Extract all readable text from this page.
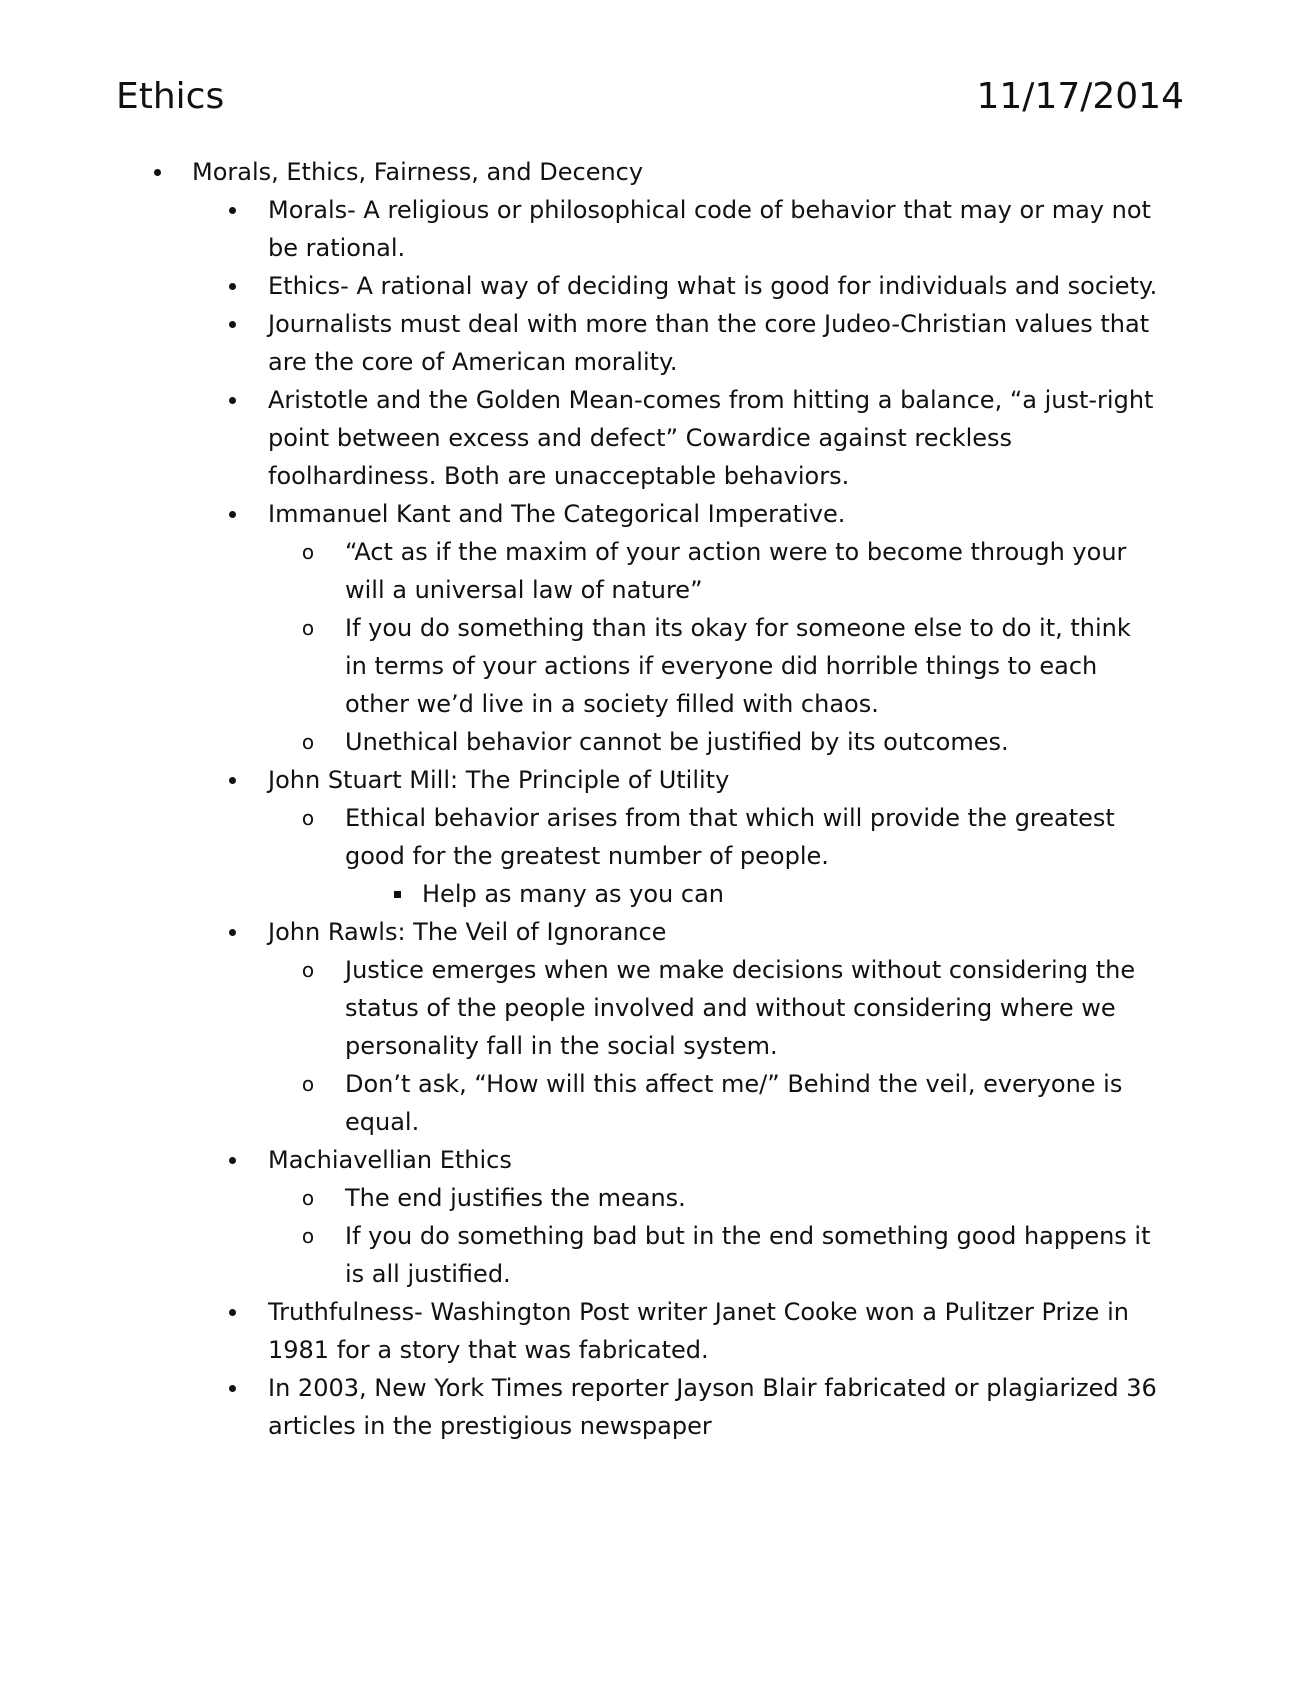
Ethics	11/17/2014
Morals, Ethics, Fairness, and Decency
Morals- A religious or philosophical code of behavior that may or may not be rational.
Ethics- A rational way of deciding what is good for individuals and society.
Journalists must deal with more than the core Judeo-Christian values that are the core of American morality.
Aristotle and the Golden Mean-comes from hitting a balance, “a just-right point between excess and defect” Cowardice against reckless foolhardiness. Both are unacceptable behaviors.
Immanuel Kant and The Categorical Imperative.
o “Act as if the maxim of your action were to become through your will a universal law of nature”
o If you do something than its okay for someone else to do it, think in terms of your actions if everyone did horrible things to each other we’d live in a society filled with chaos.
o Unethical behavior cannot be justified by its outcomes.
John Stuart Mill: The Principle of Utility
o Ethical behavior arises from that which will provide the greatest good for the greatest number of people.
Help as many as you can
John Rawls: The Veil of Ignorance
o Justice emerges when we make decisions without considering the status of the people involved and without considering where we personality fall in the social system.
o Don’t ask, “How will this affect me/” Behind the veil, everyone is equal.
Machiavellian Ethics
o The end justifies the means.
o If you do something bad but in the end something good happens it is all justified.
Truthfulness- Washington Post writer Janet Cooke won a Pulitzer Prize in 1981 for a story that was fabricated.
In 2003, New York Times reporter Jayson Blair fabricated or plagiarized 36 articles in the prestigious newspaper
